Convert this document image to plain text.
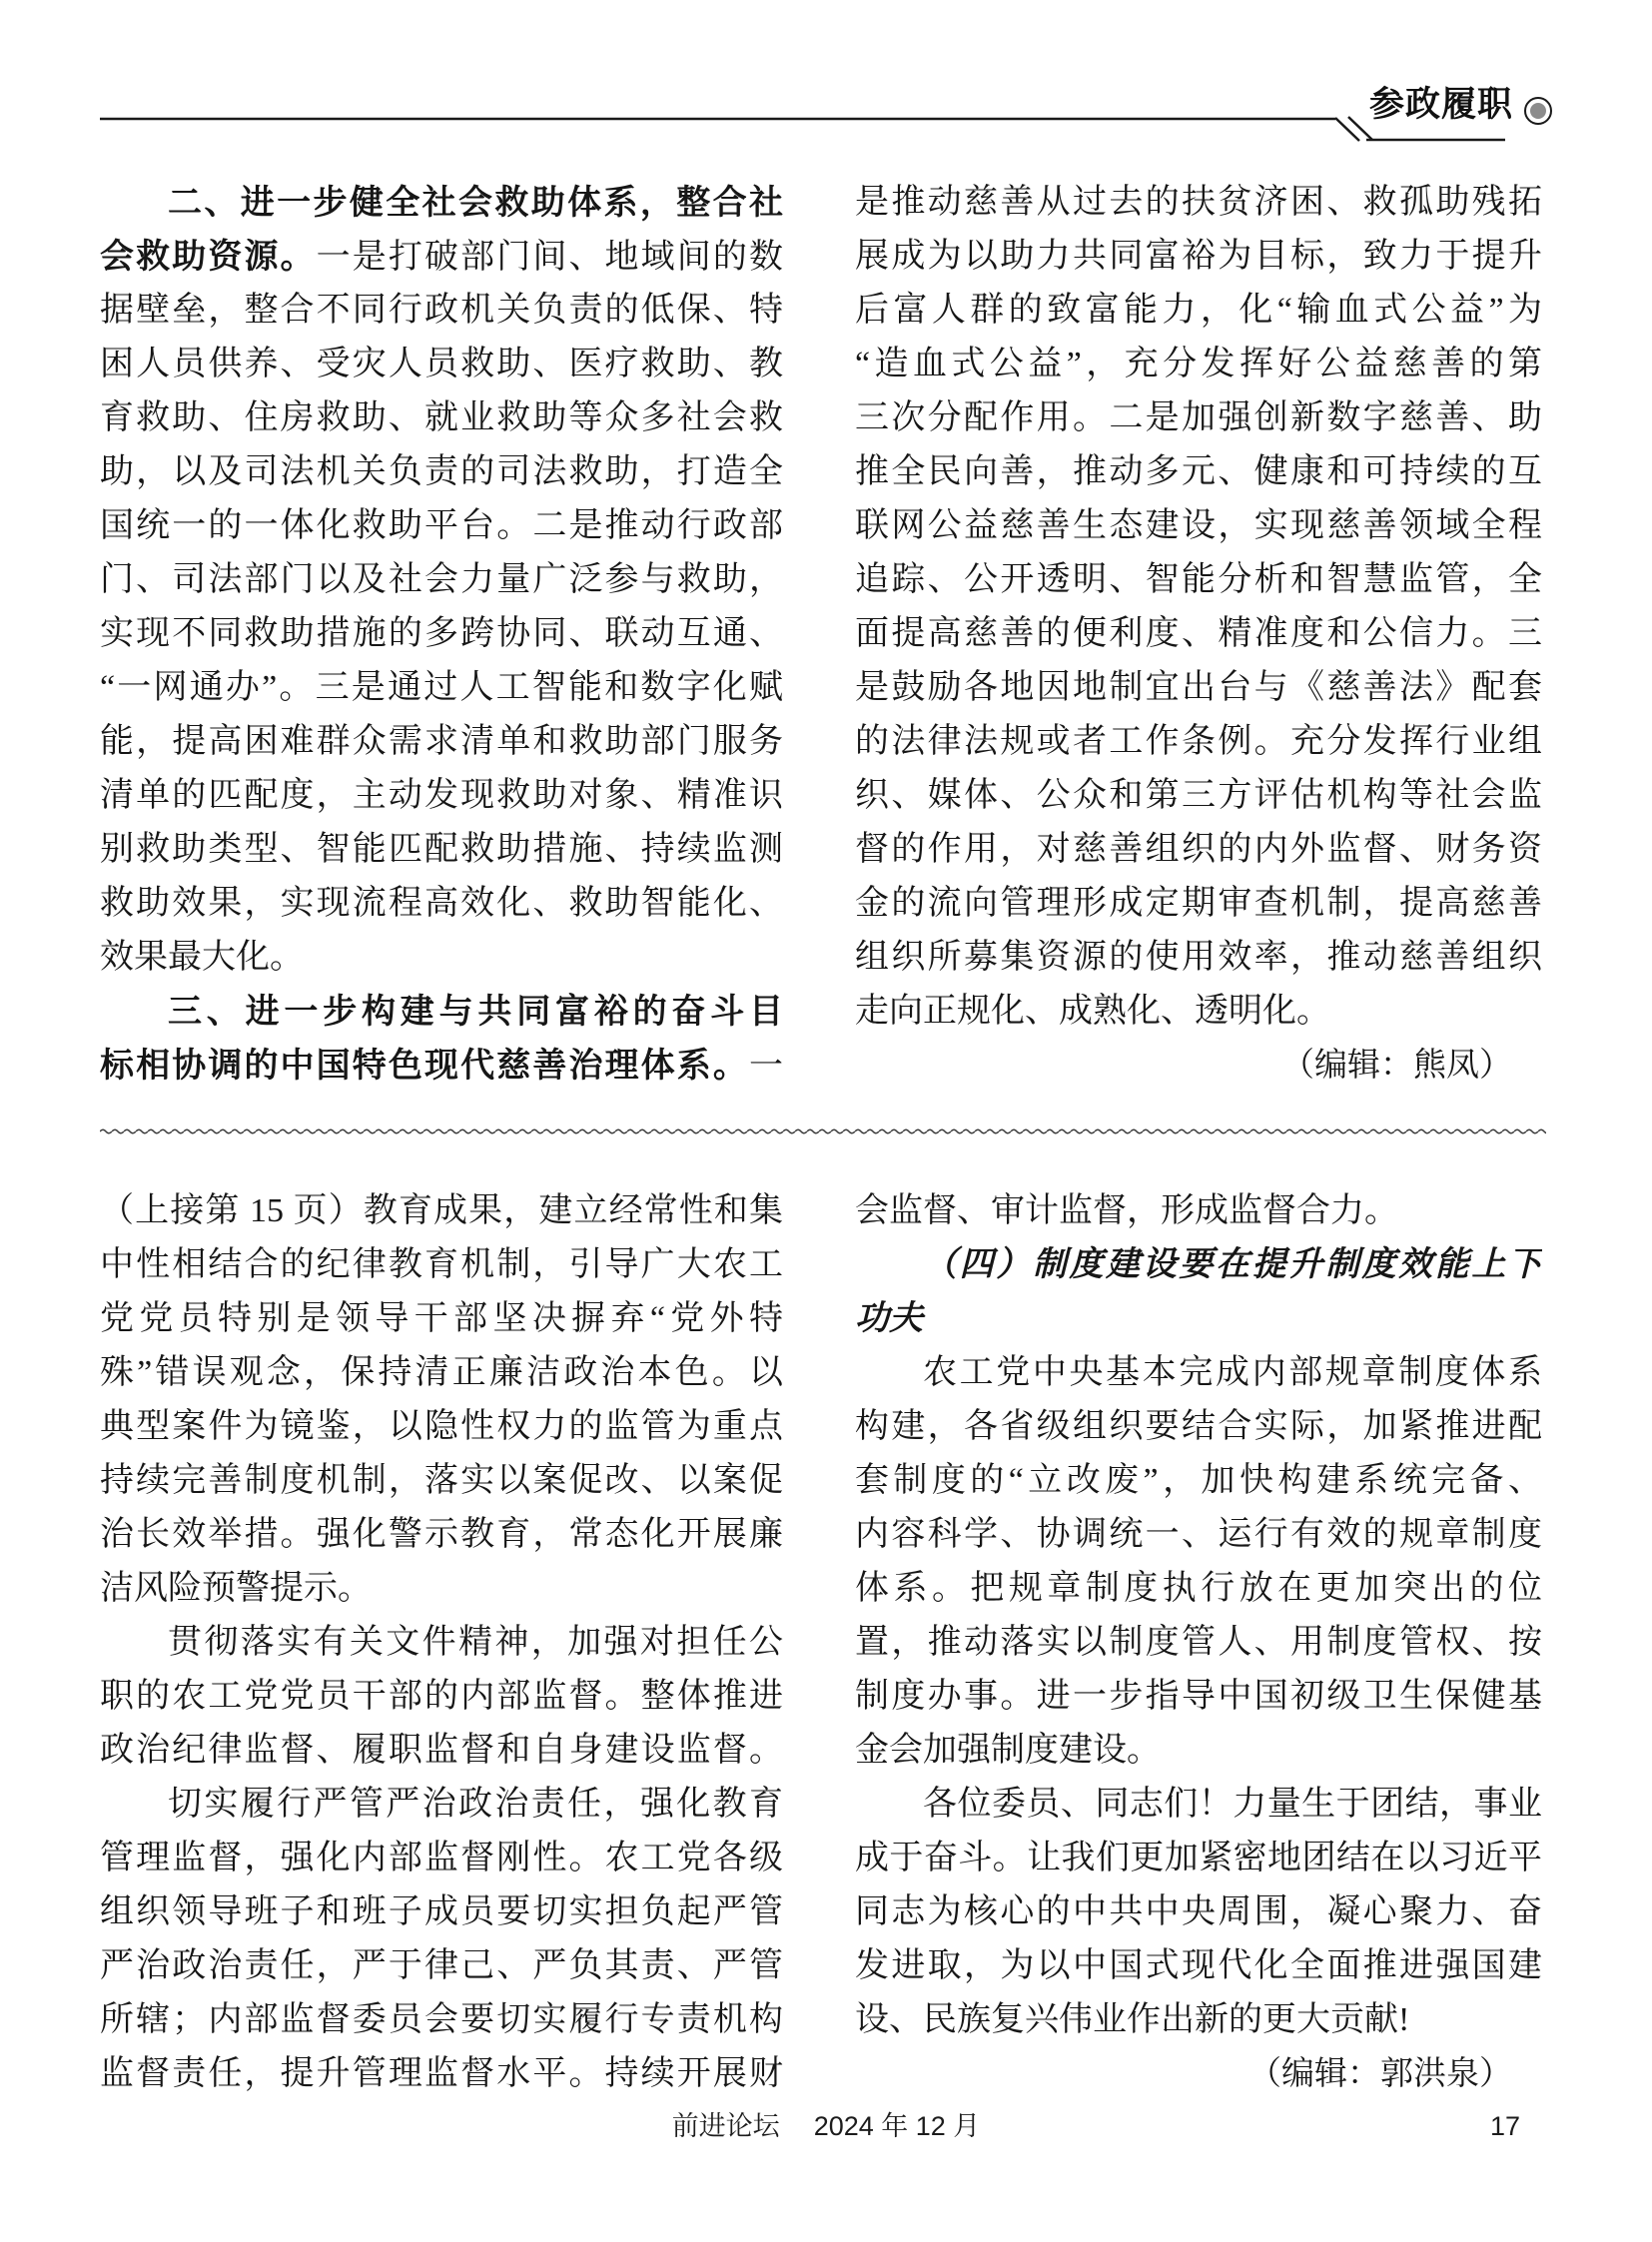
参政履职
二、进一步健全社会救助体系，整合社
会救助资源。一是打破部门间、地域间的数
据壁垒，整合不同行政机关负责的低保、特
困人员供养、受灾人员救助、医疗救助、教
育救助、住房救助、就业救助等众多社会救
助，以及司法机关负责的司法救助，打造全
国统一的一体化救助平台。二是推动行政部
门、司法部门以及社会力量广泛参与救助，
实现不同救助措施的多跨协同、联动互通、
“一网通办”。三是通过人工智能和数字化赋
能，提高困难群众需求清单和救助部门服务
清单的匹配度，主动发现救助对象、精准识
别救助类型、智能匹配救助措施、持续监测
救助效果，实现流程高效化、救助智能化、
效果最大化。
三、进一步构建与共同富裕的奋斗目
标相协调的中国特色现代慈善治理体系。一
是推动慈善从过去的扶贫济困、救孤助残拓
展成为以助力共同富裕为目标，致力于提升
后富人群的致富能力，化“输血式公益”为
“造血式公益”，充分发挥好公益慈善的第
三次分配作用。二是加强创新数字慈善、助
推全民向善，推动多元、健康和可持续的互
联网公益慈善生态建设，实现慈善领域全程
追踪、公开透明、智能分析和智慧监管，全
面提高慈善的便利度、精准度和公信力。三
是鼓励各地因地制宜出台与《慈善法》配套
的法律法规或者工作条例。充分发挥行业组
织、媒体、公众和第三方评估机构等社会监
督的作用，对慈善组织的内外监督、财务资
金的流向管理形成定期审查机制，提高慈善
组织所募集资源的使用效率，推动慈善组织
走向正规化、成熟化、透明化。
（编辑：熊凤）
（上接第 15 页）教育成果，建立经常性和集
中性相结合的纪律教育机制，引导广大农工
党党员特别是领导干部坚决摒弃“党外特
殊”错误观念，保持清正廉洁政治本色。以
典型案件为镜鉴，以隐性权力的监管为重点
持续完善制度机制，落实以案促改、以案促
治长效举措。强化警示教育，常态化开展廉
洁风险预警提示。
贯彻落实有关文件精神，加强对担任公
职的农工党党员干部的内部监督。整体推进
政治纪律监督、履职监督和自身建设监督。
切实履行严管严治政治责任，强化教育
管理监督，强化内部监督刚性。农工党各级
组织领导班子和班子成员要切实担负起严管
严治政治责任，严于律己、严负其责、严管
所辖；内部监督委员会要切实履行专责机构
监督责任，提升管理监督水平。持续开展财
会监督、审计监督，形成监督合力。
（四）制度建设要在提升制度效能上下
功夫
农工党中央基本完成内部规章制度体系
构建，各省级组织要结合实际，加紧推进配
套制度的“立改废”，加快构建系统完备、
内容科学、协调统一、运行有效的规章制度
体系。把规章制度执行放在更加突出的位
置，推动落实以制度管人、用制度管权、按
制度办事。进一步指导中国初级卫生保健基
金会加强制度建设。
各位委员、同志们！力量生于团结，事业
成于奋斗。让我们更加紧密地团结在以习近平
同志为核心的中共中央周围，凝心聚力、奋
发进取，为以中国式现代化全面推进强国建
设、民族复兴伟业作出新的更大贡献!
（编辑：郭洪泉）
前进论坛 2024 年 12 月	17
